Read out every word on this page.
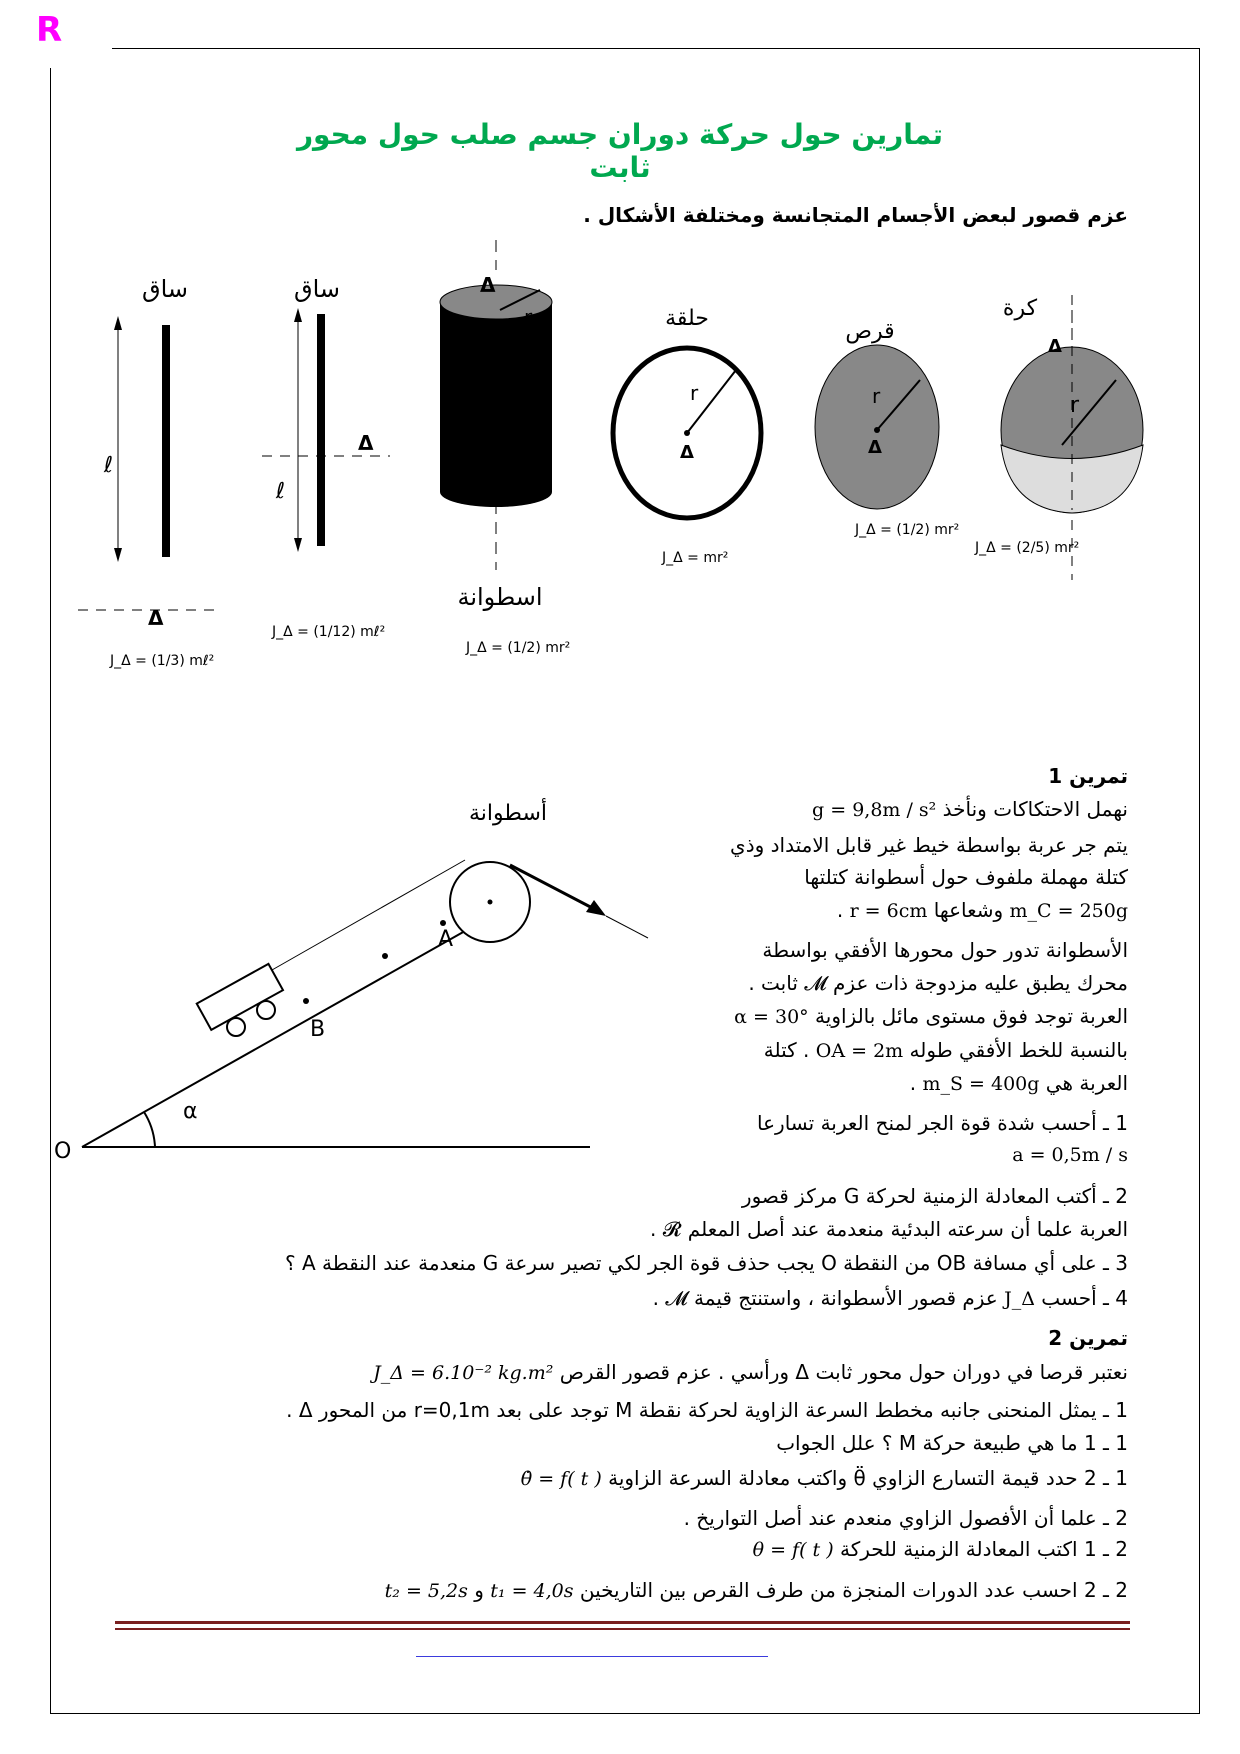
R
تمارين حول حركة دوران جسم صلب حول محور ثابت
عزم قصور لبعض الأجسام المتجانسة ومختلفة الأشكال .
ساق
ℓ
Δ
J_Δ = (1/3) mℓ²
ساق
ℓ
Δ
J_Δ = (1/12) mℓ²
r
Δ
اسطوانة
J_Δ = (1/2) mr²
حلقة
r
Δ
J_Δ = mr²
قرص
r
Δ
J_Δ = (1/2) mr²
كرة
r
Δ
J_Δ = (2/5) mr²
α
O
B
A
أسطوانة
تمرين 1
نهمل الاحتكاكات ونأخذ g = 9,8m / s²
يتم جر عربة بواسطة خيط غير قابل الامتداد وذي
كتلة مهملة ملفوف حول أسطوانة كتلتها
m_C = 250g وشعاعها r = 6cm .
الأسطوانة تدور حول محورها الأفقي بواسطة
محرك يطبق عليه مزدوجة ذات عزم 𝓜 ثابت .
العربة توجد فوق مستوى مائل بالزاوية α = 30°
بالنسبة للخط الأفقي طوله OA = 2m . كتلة
العربة هي m_S = 400g .
1 ـ أحسب شدة قوة الجر لمنح العربة تسارعا
a = 0,5m / s
2 ـ أكتب المعادلة الزمنية لحركة G مركز قصور
العربة علما أن سرعته البدئية منعدمة عند أصل المعلم 𝓡 .
3 ـ على أي مسافة OB من النقطة O يجب حذف قوة الجر لكي تصير سرعة G منعدمة عند النقطة A ؟
4 ـ أحسب J_Δ عزم قصور الأسطوانة ، واستنتج قيمة 𝓜 .
تمرين 2
نعتبر قرصا في دوران حول محور ثابت Δ ورأسي . عزم قصور القرص J_Δ = 6.10⁻² kg.m²
1 ـ يمثل المنحنى جانبه مخطط السرعة الزاوية لحركة نقطة M توجد على بعد r=0,1m من المحور Δ .
1 ـ 1 ما هي طبيعة حركة M ؟ علل الجواب
1 ـ 2 حدد قيمة التسارع الزاوي θ̈ واكتب معادلة السرعة الزاوية θ̇ = f( t )
2 ـ علما أن الأفصول الزاوي منعدم عند أصل التواريخ .
2 ـ 1 اكتب المعادلة الزمنية للحركة θ = f( t )
2 ـ 2 احسب عدد الدورات المنجزة من طرف القرص بين التاريخين t₁ = 4,0s و t₂ = 5,2s
